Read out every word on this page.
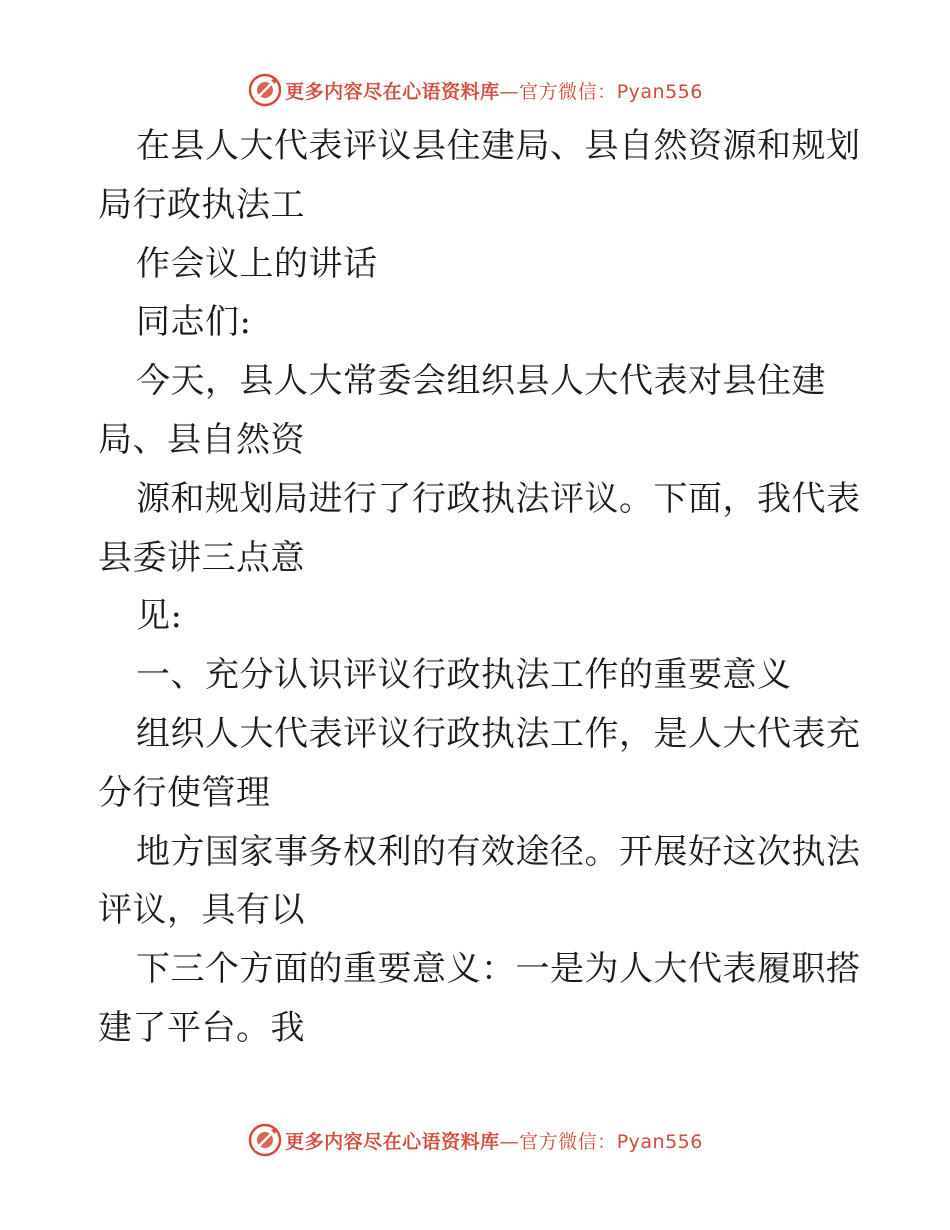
更多内容尽在心语资料库—官方微信：Pyan556
在县人大代表评议县住建局、县自然资源和规划
局行政执法工
作会议上的讲话
同志们:
今天，县人大常委会组织县人大代表对县住建
局、县自然资
源和规划局进行了行政执法评议。下面，我代表
县委讲三点意
见:
一、充分认识评议行政执法工作的重要意义
组织人大代表评议行政执法工作，是人大代表充
分行使管理
地方国家事务权利的有效途径。开展好这次执法
评议，具有以
下三个方面的重要意义：一是为人大代表履职搭
建了平台。我
更多内容尽在心语资料库—官方微信：Pyan556
